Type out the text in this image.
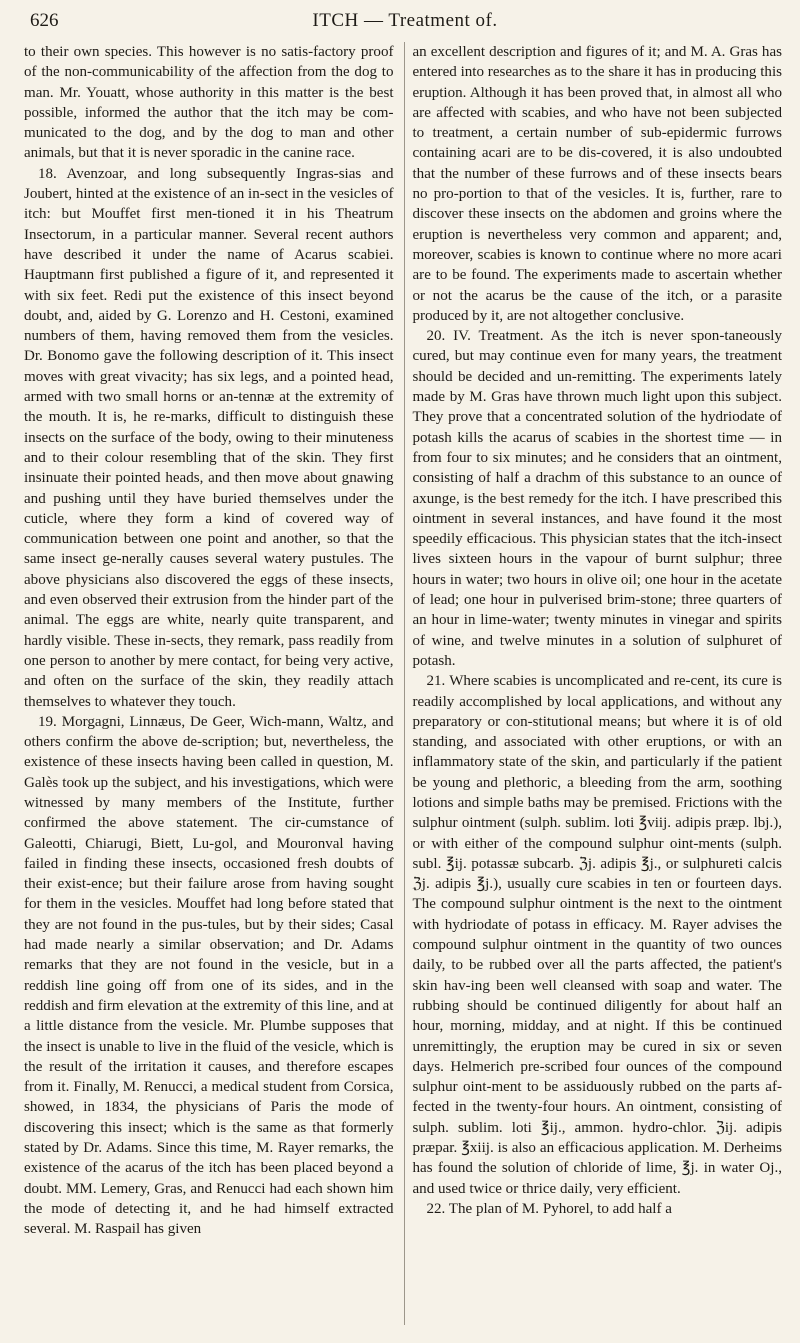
626	ITCH — Treatment of.

to their own species. This however is no satis-factory proof of the non-communicability of the affection from the dog to man. Mr. Youatt, whose authority in this matter is the best possible, informed the author that the itch may be com-municated to the dog, and by the dog to man and other animals, but that it is never sporadic in the canine race.

18. Avenzoar, and long subsequently Ingras-sias and Joubert, hinted at the existence of an in-sect in the vesicles of itch: but Mouffet first men-tioned it in his Theatrum Insectorum, in a particular manner. Several recent authors have described it under the name of Acarus scabiei. Hauptmann first published a figure of it, and represented it with six feet. Redi put the existence of this insect beyond doubt, and, aided by G. Lorenzo and H. Cestoni, examined numbers of them, having removed them from the vesicles. Dr. Bonomo gave the following description of it. This insect moves with great vivacity; has six legs, and a pointed head, armed with two small horns or an-tennæ at the extremity of the mouth. It is, he re-marks, difficult to distinguish these insects on the surface of the body, owing to their minuteness and to their colour resembling that of the skin. They first insinuate their pointed heads, and then move about gnawing and pushing until they have buried themselves under the cuticle, where they form a kind of covered way of communication between one point and another, so that the same insect ge-nerally causes several watery pustules. The above physicians also discovered the eggs of these insects, and even observed their extrusion from the hinder part of the animal. The eggs are white, nearly quite transparent, and hardly visible. These in-sects, they remark, pass readily from one person to another by mere contact, for being very active, and often on the surface of the skin, they readily attach themselves to whatever they touch.

19. Morgagni, Linnæus, De Geer, Wich-mann, Waltz, and others confirm the above de-scription; but, nevertheless, the existence of these insects having been called in question, M. Galès took up the subject, and his investigations, which were witnessed by many members of the Institute, further confirmed the above statement. The cir-cumstance of Galeotti, Chiarugi, Biett, Lu-gol, and Mouronval having failed in finding these insects, occasioned fresh doubts of their exist-ence; but their failure arose from having sought for them in the vesicles. Mouffet had long before stated that they are not found in the pus-tules, but by their sides; Casal had made nearly a similar observation; and Dr. Adams remarks that they are not found in the vesicle, but in a reddish line going off from one of its sides, and in the reddish and firm elevation at the extremity of this line, and at a little distance from the vesicle. Mr. Plumbe supposes that the insect is unable to live in the fluid of the vesicle, which is the result of the irritation it causes, and therefore escapes from it. Finally, M. Renucci, a medical student from Corsica, showed, in 1834, the physicians of Paris the mode of discovering this insect; which is the same as that formerly stated by Dr. Adams. Since this time, M. Rayer remarks, the existence of the acarus of the itch has been placed beyond a doubt. MM. Lemery, Gras, and Renucci had each shown him the mode of detecting it, and he had himself extracted several. M. Raspail has given

an excellent description and figures of it; and M. A. Gras has entered into researches as to the share it has in producing this eruption. Although it has been proved that, in almost all who are affected with scabies, and who have not been subjected to treatment, a certain number of sub-epidermic furrows containing acari are to be dis-covered, it is also undoubted that the number of these furrows and of these insects bears no pro-portion to that of the vesicles. It is, further, rare to discover these insects on the abdomen and groins where the eruption is nevertheless very common and apparent; and, moreover, scabies is known to continue where no more acari are to be found. The experiments made to ascertain whether or not the acarus be the cause of the itch, or a parasite produced by it, are not altogether conclusive.

20. IV. Treatment. As the itch is never spon-taneously cured, but may continue even for many years, the treatment should be decided and un-remitting. The experiments lately made by M. Gras have thrown much light upon this subject. They prove that a concentrated solution of the hydriodate of potash kills the acarus of scabies in the shortest time — in from four to six minutes; and he considers that an ointment, consisting of half a drachm of this substance to an ounce of axunge, is the best remedy for the itch. I have prescribed this ointment in several instances, and have found it the most speedily efficacious. This physician states that the itch-insect lives sixteen hours in the vapour of burnt sulphur; three hours in water; two hours in olive oil; one hour in the acetate of lead; one hour in pulverised brim-stone; three quarters of an hour in lime-water; twenty minutes in vinegar and spirits of wine, and twelve minutes in a solution of sulphuret of potash.

21. Where scabies is uncomplicated and re-cent, its cure is readily accomplished by local applications, and without any preparatory or con-stitutional means; but where it is of old standing, and associated with other eruptions, or with an inflammatory state of the skin, and particularly if the patient be young and plethoric, a bleeding from the arm, soothing lotions and simple baths may be premised. Frictions with the sulphur ointment (sulph. sublim. loti ℥viij. adipis præp. lbj.), or with either of the compound sulphur oint-ments (sulph. subl. ℥ij. potassæ subcarb. ℨj. adipis ℥j., or sulphureti calcis ℨj. adipis ℥j.), usually cure scabies in ten or fourteen days. The compound sulphur ointment is the next to the ointment with hydriodate of potass in efficacy. M. Rayer advises the compound sulphur ointment in the quantity of two ounces daily, to be rubbed over all the parts affected, the patient's skin hav-ing been well cleansed with soap and water. The rubbing should be continued diligently for about half an hour, morning, midday, and at night. If this be continued unremittingly, the eruption may be cured in six or seven days. Helmerich pre-scribed four ounces of the compound sulphur oint-ment to be assiduously rubbed on the parts af-fected in the twenty-four hours. An ointment, consisting of sulph. sublim. loti ℥ij., ammon. hydro-chlor. ℨij. adipis præpar. ℥xiij. is also an efficacious application. M. Derheims has found the solution of chloride of lime, ℥j. in water Oj., and used twice or thrice daily, very efficient.

22. The plan of M. Pyhorel, to add half a
